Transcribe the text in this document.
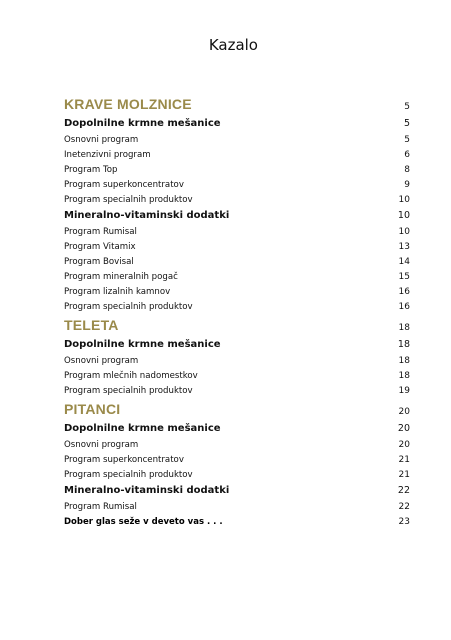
Kazalo
KRAVE MOLZNICE	5
Dopolnilne krmne mešanice	5
Osnovni program	5
Inetenzivni program	6
Program Top	8
Program superkoncentratov	9
Program specialnih produktov	10
Mineralno-vitaminski dodatki	10
Program Rumisal	10
Program Vitamix	13
Program Bovisal	14
Program mineralnih pogač	15
Program lizalnih kamnov	16
Program specialnih produktov	16
TELETA	18
Dopolnilne krmne mešanice	18
Osnovni program	18
Program mlečnih nadomestkov	18
Program specialnih produktov	19
PITANCI	20
Dopolnilne krmne mešanice	20
Osnovni program	20
Program superkoncentratov	21
Program specialnih produktov	21
Mineralno-vitaminski dodatki	22
Program Rumisal	22
Dober glas seže v deveto vas . . .	23
